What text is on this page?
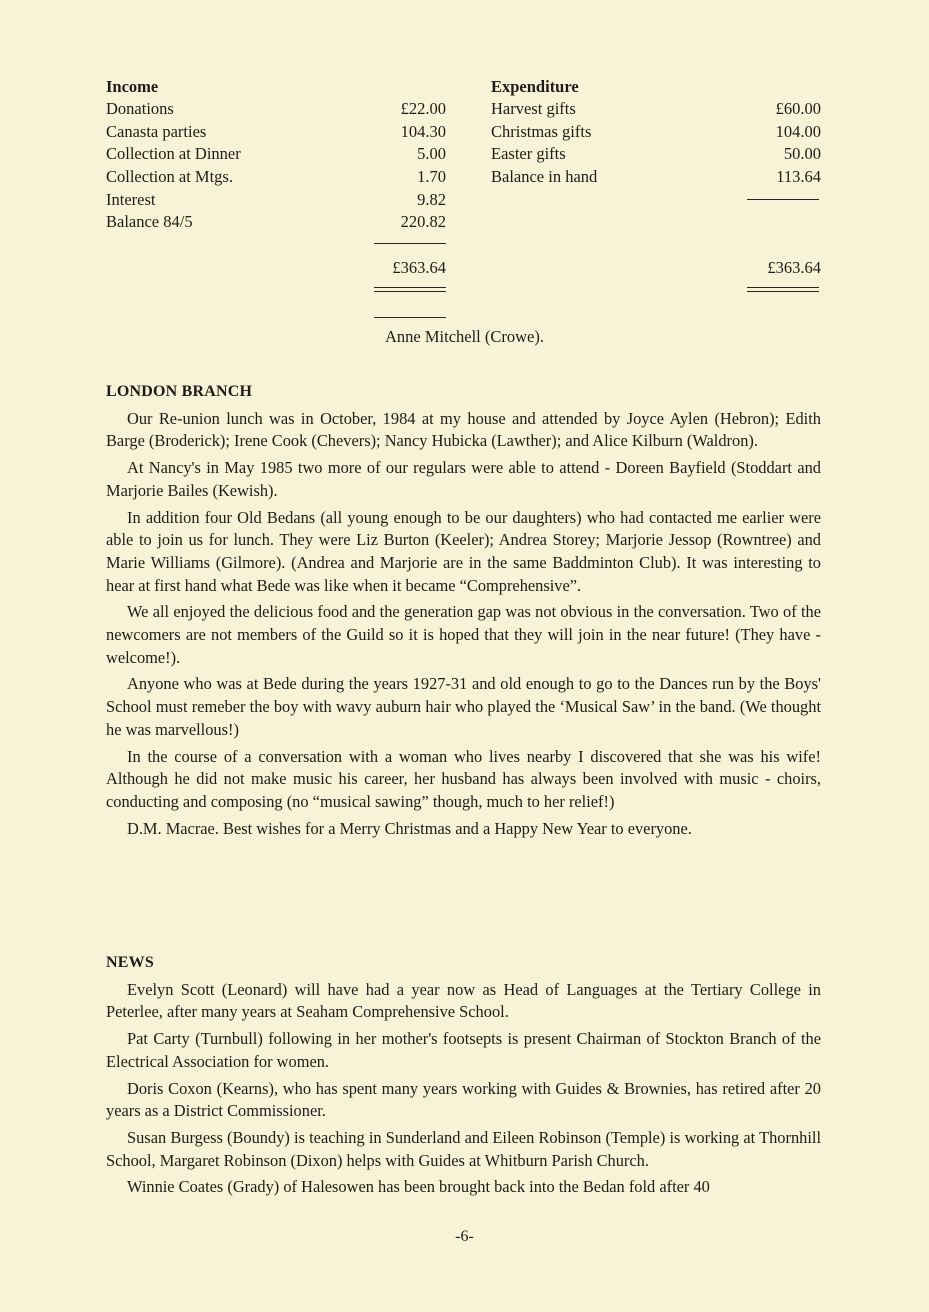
Income
Donations	£22.00
Canasta parties	104.30
Collection at Dinner	5.00
Collection at Mtgs.	1.70
Interest	9.82
Balance 84/5	220.82
£363.64
Expenditure
Harvest gifts	£60.00
Christmas gifts	104.00
Easter gifts	50.00
Balance in hand	113.64
£363.64
Anne Mitchell (Crowe).
LONDON BRANCH

Our Re-union lunch was in October, 1984 at my house and attended by Joyce Aylen (Hebron); Edith Barge (Broderick); Irene Cook (Chevers); Nancy Hubicka (Lawther); and Alice Kilburn (Waldron).

At Nancy's in May 1985 two more of our regulars were able to attend - Doreen Bayfield (Stoddart and Marjorie Bailes (Kewish).

In addition four Old Bedans (all young enough to be our daughters) who had contacted me earlier were able to join us for lunch. They were Liz Burton (Keeler); Andrea Storey; Marjorie Jessop (Rowntree) and Marie Williams (Gilmore). (Andrea and Marjorie are in the same Baddminton Club). It was interesting to hear at first hand what Bede was like when it became “Comprehensive”.

We all enjoyed the delicious food and the generation gap was not obvious in the conversation. Two of the newcomers are not members of the Guild so it is hoped that they will join in the near future! (They have - welcome!).

Anyone who was at Bede during the years 1927-31 and old enough to go to the Dances run by the Boys' School must remeber the boy with wavy auburn hair who played the ‘Musical Saw’ in the band. (We thought he was marvellous!)

In the course of a conversation with a woman who lives nearby I discovered that she was his wife! Although he did not make music his career, her husband has always been involved with music - choirs, conducting and composing (no “musical sawing” though, much to her relief!)

D.M. Macrae. Best wishes for a Merry Christmas and a Happy New Year to everyone.

NEWS

Evelyn Scott (Leonard) will have had a year now as Head of Languages at the Tertiary College in Peterlee, after many years at Seaham Comprehensive School.

Pat Carty (Turnbull) following in her mother's footsepts is present Chairman of Stockton Branch of the Electrical Association for women.

Doris Coxon (Kearns), who has spent many years working with Guides & Brownies, has retired after 20 years as a District Commissioner.

Susan Burgess (Boundy) is teaching in Sunderland and Eileen Robinson (Temple) is working at Thornhill School, Margaret Robinson (Dixon) helps with Guides at Whitburn Parish Church.

Winnie Coates (Grady) of Halesowen has been brought back into the Bedan fold after 40

-6-
